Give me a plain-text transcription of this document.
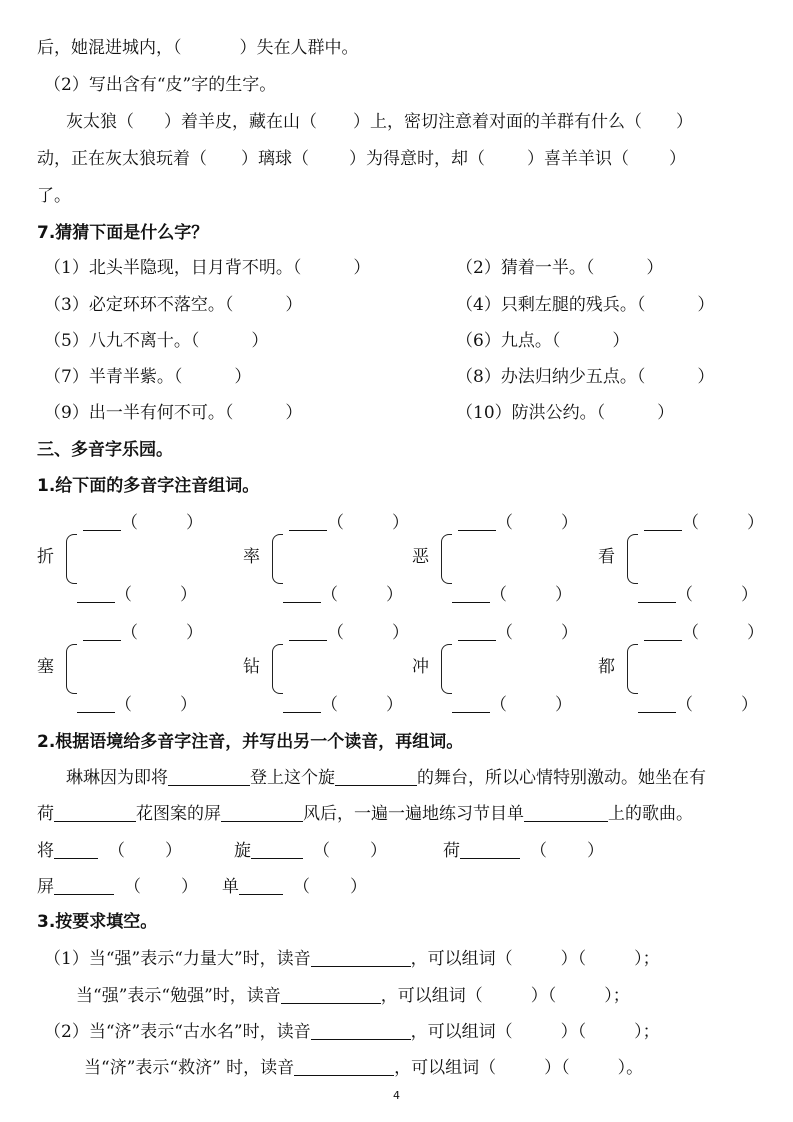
后，她混进城内，（	）失在人群中。
（2）写出含有“皮”字的生字。
灰太狼（ ）着羊皮，藏在山（ ）上，密切注意着对面的羊群有什么（ ）
动，正在灰太狼玩着（ ）璃球（ ）为得意时，却（ ）喜羊羊识（ ）
了。
7.猜猜下面是什么字？
（1）北头半隐现，日月背不明。（	）	（2）猜着一半。（	）
（3）必定环环不落空。（	）	（4）只剩左腿的残兵。（	）
（5）八九不离十。（	）	（6）九点。（	）
（7）半青半紫。（	）	（8）办法归纳少五点。（	）
（9）出一半有何不可。（	）	（10）防洪公约。（	）
三、多音字乐园。
1.给下面的多音字注音组词。
折
（	）
（	）
率
（	）
（	）
恶
（	）
（	）
看
（	）
（	）
塞
（	）
（	）
钻
（	）
（	）
冲
（	）
（	）
都
（	）
（	）
2.根据语境给多音字注音，并写出另一个读音，再组词。
琳琳因为即将	登上这个旋	的舞台，所以心情特别激动。她坐在有
荷	花图案的屏	风后，一遍一遍地练习节目单	上的歌曲。
将	（ ）	旋	（ ）	荷	（ ）
屏	（ ） 单	（ ）
3.按要求填空。
（1）当“强”表示“力量大”时，读音	，可以组词（	）（	）；
当“强”表示“勉强”时，读音	，可以组词（	）（	）；
（2）当“济”表示“古水名”时，读音	，可以组词（	）（	）；
当“济”表示“救济” 时，读音	，可以组词（	）（	）。
4
